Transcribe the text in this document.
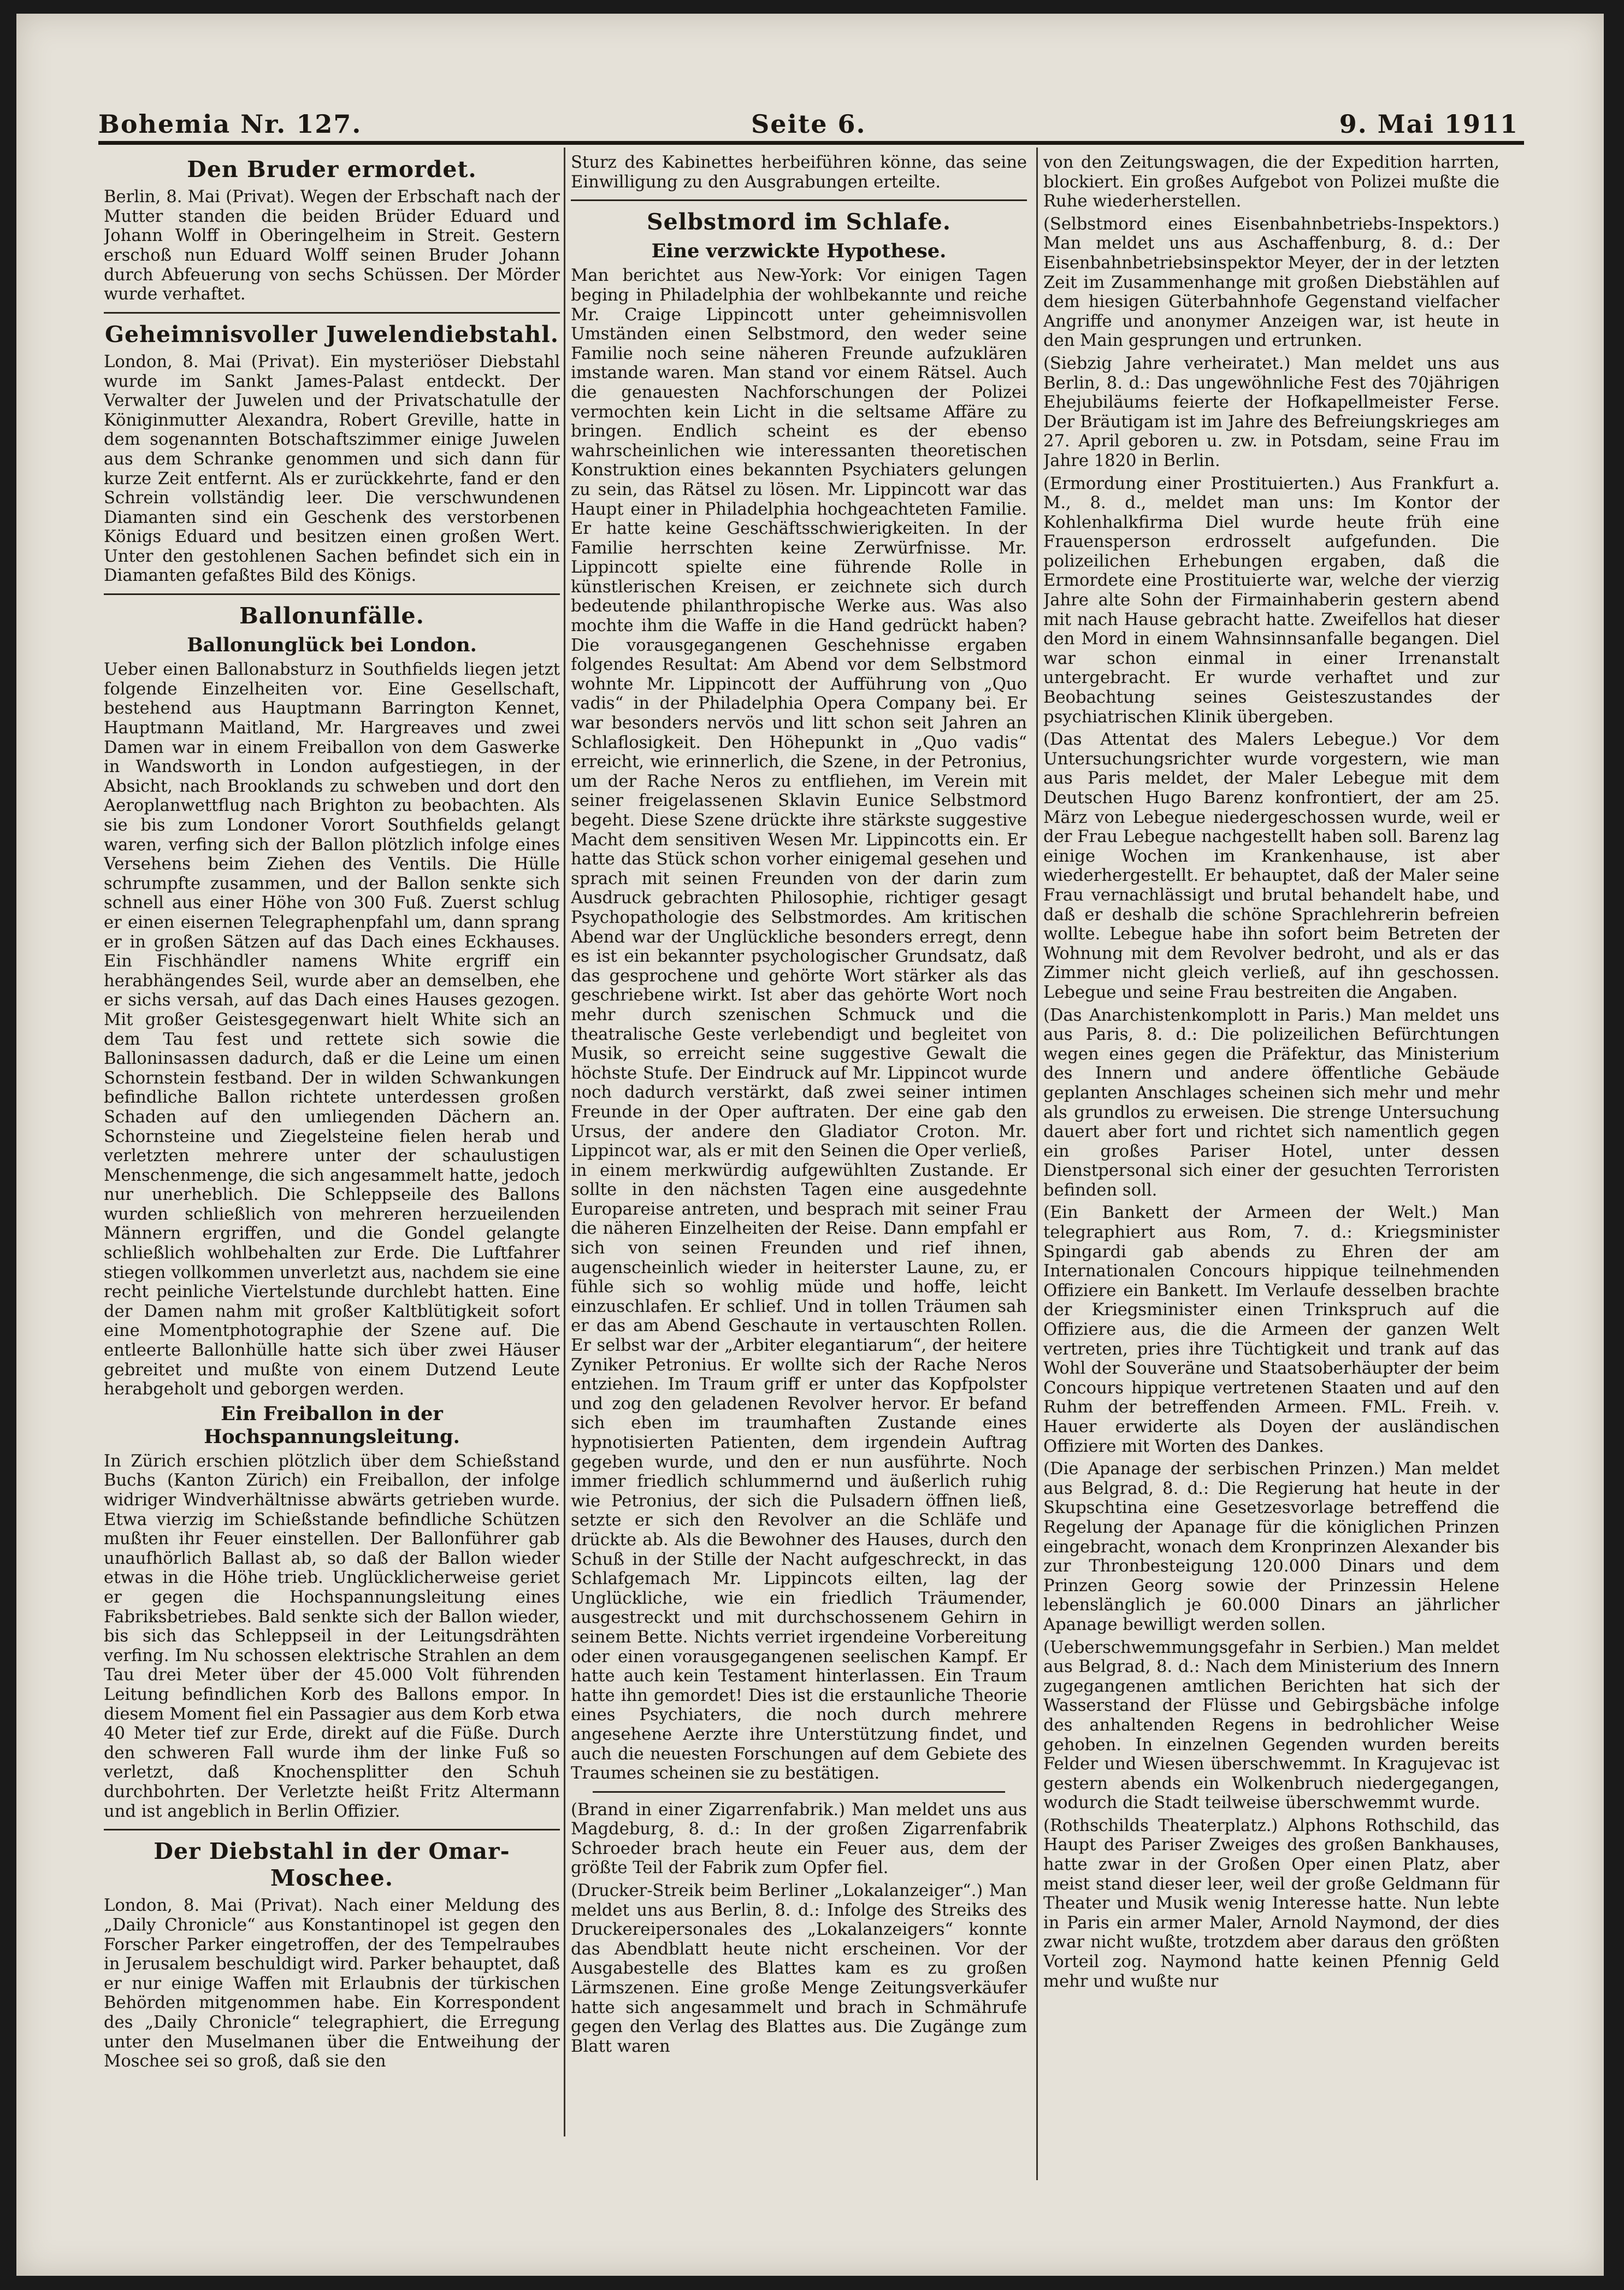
Bohemia Nr. 127.	Seite 6.	9. Mai 1911
Den Bruder ermordet.

Berlin, 8. Mai (Privat). Wegen der Erbschaft nach der Mutter standen die beiden Brüder Eduard und Johann Wolff in Oberingelheim in Streit. Gestern erschoß nun Eduard Wolff seinen Bruder Johann durch Abfeuerung von sechs Schüssen. Der Mörder wurde verhaftet.

Geheimnisvoller Juwelendiebstahl.

London, 8. Mai (Privat). Ein mysteriöser Diebstahl wurde im Sankt James-Palast entdeckt. Der Verwalter der Juwelen und der Privatschatulle der Königinmutter Alexandra, Robert Greville, hatte in dem sogenannten Botschaftszimmer einige Juwelen aus dem Schranke genommen und sich dann für kurze Zeit entfernt. Als er zurückkehrte, fand er den Schrein vollständig leer. Die verschwundenen Diamanten sind ein Geschenk des verstorbenen Königs Eduard und besitzen einen großen Wert. Unter den gestohlenen Sachen befindet sich ein in Diamanten gefaßtes Bild des Königs.

Ballonunfälle.
Ballonunglück bei London.

Ueber einen Ballonabsturz in Southfields liegen jetzt folgende Einzelheiten vor. Eine Gesellschaft, bestehend aus Hauptmann Barrington Kennet, Hauptmann Maitland, Mr. Hargreaves und zwei Damen war in einem Freiballon von dem Gaswerke in Wandsworth in London aufgestiegen, in der Absicht, nach Brooklands zu schweben und dort den Aeroplanwettflug nach Brighton zu beobachten. Als sie bis zum Londoner Vorort Southfields gelangt waren, verfing sich der Ballon plötzlich infolge eines Versehens beim Ziehen des Ventils. Die Hülle schrumpfte zusammen, und der Ballon senkte sich schnell aus einer Höhe von 300 Fuß. Zuerst schlug er einen eisernen Telegraphenpfahl um, dann sprang er in großen Sätzen auf das Dach eines Eckhauses. Ein Fischhändler namens White ergriff ein herabhängendes Seil, wurde aber an demselben, ehe er sichs versah, auf das Dach eines Hauses gezogen. Mit großer Geistesgegenwart hielt White sich an dem Tau fest und rettete sich sowie die Balloninsassen dadurch, daß er die Leine um einen Schornstein festband. Der in wilden Schwankungen befindliche Ballon richtete unterdessen großen Schaden auf den umliegenden Dächern an. Schornsteine und Ziegelsteine fielen herab und verletzten mehrere unter der schaulustigen Menschenmenge, die sich angesammelt hatte, jedoch nur unerheblich. Die Schleppseile des Ballons wurden schließlich von mehreren herzueilenden Männern ergriffen, und die Gondel gelangte schließlich wohlbehalten zur Erde. Die Luftfahrer stiegen vollkommen unverletzt aus, nachdem sie eine recht peinliche Viertelstunde durchlebt hatten. Eine der Damen nahm mit großer Kaltblütigkeit sofort eine Momentphotographie der Szene auf. Die entleerte Ballonhülle hatte sich über zwei Häuser gebreitet und mußte von einem Dutzend Leute herabgeholt und geborgen werden.

Ein Freiballon in der Hochspannungsleitung.

In Zürich erschien plötzlich über dem Schießstand Buchs (Kanton Zürich) ein Freiballon, der infolge widriger Windverhältnisse abwärts getrieben wurde. Etwa vierzig im Schießstande befindliche Schützen mußten ihr Feuer einstellen. Der Ballonführer gab unaufhörlich Ballast ab, so daß der Ballon wieder etwas in die Höhe trieb. Unglücklicherweise geriet er gegen die Hochspannungsleitung eines Fabriksbetriebes. Bald senkte sich der Ballon wieder, bis sich das Schleppseil in der Leitungsdrähten verfing. Im Nu schossen elektrische Strahlen an dem Tau drei Meter über der 45.000 Volt führenden Leitung befindlichen Korb des Ballons empor. In diesem Moment fiel ein Passagier aus dem Korb etwa 40 Meter tief zur Erde, direkt auf die Füße. Durch den schweren Fall wurde ihm der linke Fuß so verletzt, daß Knochensplitter den Schuh durchbohrten. Der Verletzte heißt Fritz Altermann und ist angeblich in Berlin Offizier.

Der Diebstahl in der Omar-Moschee.

London, 8. Mai (Privat). Nach einer Meldung des „Daily Chronicle“ aus Konstantinopel ist gegen den Forscher Parker eingetroffen, der des Tempelraubes in Jerusalem beschuldigt wird. Parker behauptet, daß er nur einige Waffen mit Erlaubnis der türkischen Behörden mitgenommen habe. Ein Korrespondent des „Daily Chronicle“ telegraphiert, die Erregung unter den Muselmanen über die Entweihung der Moschee sei so groß, daß sie den

Sturz des Kabinettes herbeiführen könne, das seine Einwilligung zu den Ausgrabungen erteilte.

Selbstmord im Schlafe.
Eine verzwickte Hypothese.

Man berichtet aus New-York: Vor einigen Tagen beging in Philadelphia der wohlbekannte und reiche Mr. Craige Lippincott unter geheimnisvollen Umständen einen Selbstmord, den weder seine Familie noch seine näheren Freunde aufzuklären imstande waren. Man stand vor einem Rätsel. Auch die genauesten Nachforschungen der Polizei vermochten kein Licht in die seltsame Affäre zu bringen. Endlich scheint es der ebenso wahrscheinlichen wie interessanten theoretischen Konstruktion eines bekannten Psychiaters gelungen zu sein, das Rätsel zu lösen. Mr. Lippincott war das Haupt einer in Philadelphia hochgeachteten Familie. Er hatte keine Geschäftsschwierigkeiten. In der Familie herrschten keine Zerwürfnisse. Mr. Lippincott spielte eine führende Rolle in künstlerischen Kreisen, er zeichnete sich durch bedeutende philanthropische Werke aus. Was also mochte ihm die Waffe in die Hand gedrückt haben? Die vorausgegangenen Geschehnisse ergaben folgendes Resultat: Am Abend vor dem Selbstmord wohnte Mr. Lippincott der Aufführung von „Quo vadis“ in der Philadelphia Opera Company bei. Er war besonders nervös und litt schon seit Jahren an Schlaflosigkeit. Den Höhepunkt in „Quo vadis“ erreicht, wie erinnerlich, die Szene, in der Petronius, um der Rache Neros zu entfliehen, im Verein mit seiner freigelassenen Sklavin Eunice Selbstmord begeht. Diese Szene drückte ihre stärkste suggestive Macht dem sensitiven Wesen Mr. Lippincotts ein. Er hatte das Stück schon vorher einigemal gesehen und sprach mit seinen Freunden von der darin zum Ausdruck gebrachten Philosophie, richtiger gesagt Psychopathologie des Selbstmordes. Am kritischen Abend war der Unglückliche besonders erregt, denn es ist ein bekannter psychologischer Grundsatz, daß das gesprochene und gehörte Wort stärker als das geschriebene wirkt. Ist aber das gehörte Wort noch mehr durch szenischen Schmuck und die theatralische Geste verlebendigt und begleitet von Musik, so erreicht seine suggestive Gewalt die höchste Stufe. Der Eindruck auf Mr. Lippincot wurde noch dadurch verstärkt, daß zwei seiner intimen Freunde in der Oper auftraten. Der eine gab den Ursus, der andere den Gladiator Croton. Mr. Lippincot war, als er mit den Seinen die Oper verließ, in einem merkwürdig aufgewühlten Zustande. Er sollte in den nächsten Tagen eine ausgedehnte Europareise antreten, und besprach mit seiner Frau die näheren Einzelheiten der Reise. Dann empfahl er sich von seinen Freunden und rief ihnen, augenscheinlich wieder in heiterster Laune, zu, er fühle sich so wohlig müde und hoffe, leicht einzuschlafen. Er schlief. Und in tollen Träumen sah er das am Abend Geschaute in vertauschten Rollen. Er selbst war der „Arbiter elegantiarum“, der heitere Zyniker Petronius. Er wollte sich der Rache Neros entziehen. Im Traum griff er unter das Kopfpolster und zog den geladenen Revolver hervor. Er befand sich eben im traumhaften Zustande eines hypnotisierten Patienten, dem irgendein Auftrag gegeben wurde, und den er nun ausführte. Noch immer friedlich schlummernd und äußerlich ruhig wie Petronius, der sich die Pulsadern öffnen ließ, setzte er sich den Revolver an die Schläfe und drückte ab. Als die Bewohner des Hauses, durch den Schuß in der Stille der Nacht aufgeschreckt, in das Schlafgemach Mr. Lippincots eilten, lag der Unglückliche, wie ein friedlich Träumender, ausgestreckt und mit durchschossenem Gehirn in seinem Bette. Nichts verriet irgendeine Vorbereitung oder einen vorausgegangenen seelischen Kampf. Er hatte auch kein Testament hinterlassen. Ein Traum hatte ihn gemordet! Dies ist die erstaunliche Theorie eines Psychiaters, die noch durch mehrere angesehene Aerzte ihre Unterstützung findet, und auch die neuesten Forschungen auf dem Gebiete des Traumes scheinen sie zu bestätigen.

(Brand in einer Zigarrenfabrik.) Man meldet uns aus Magdeburg, 8. d.: In der großen Zigarrenfabrik Schroeder brach heute ein Feuer aus, dem der größte Teil der Fabrik zum Opfer fiel.

(Drucker-Streik beim Berliner „Lokalanzeiger“.) Man meldet uns aus Berlin, 8. d.: Infolge des Streiks des Druckereipersonales des „Lokalanzeigers“ konnte das Abendblatt heute nicht erscheinen. Vor der Ausgabestelle des Blattes kam es zu großen Lärmszenen. Eine große Menge Zeitungsverkäufer hatte sich angesammelt und brach in Schmährufe gegen den Verlag des Blattes aus. Die Zugänge zum Blatt waren

von den Zeitungswagen, die der Expedition harrten, blockiert. Ein großes Aufgebot von Polizei mußte die Ruhe wiederherstellen.

(Selbstmord eines Eisenbahnbetriebs-Inspektors.) Man meldet uns aus Aschaffenburg, 8. d.: Der Eisenbahnbetriebsinspektor Meyer, der in der letzten Zeit im Zusammenhange mit großen Diebstählen auf dem hiesigen Güterbahnhofe Gegenstand vielfacher Angriffe und anonymer Anzeigen war, ist heute in den Main gesprungen und ertrunken.

(Siebzig Jahre verheiratet.) Man meldet uns aus Berlin, 8. d.: Das ungewöhnliche Fest des 70jährigen Ehejubiläums feierte der Hofkapellmeister Ferse. Der Bräutigam ist im Jahre des Befreiungskrieges am 27. April geboren u. zw. in Potsdam, seine Frau im Jahre 1820 in Berlin.

(Ermordung einer Prostituierten.) Aus Frankfurt a. M., 8. d., meldet man uns: Im Kontor der Kohlenhalkfirma Diel wurde heute früh eine Frauensperson erdrosselt aufgefunden. Die polizeilichen Erhebungen ergaben, daß die Ermordete eine Prostituierte war, welche der vierzig Jahre alte Sohn der Firmainhaberin gestern abend mit nach Hause gebracht hatte. Zweifellos hat dieser den Mord in einem Wahnsinnsanfalle begangen. Diel war schon einmal in einer Irrenanstalt untergebracht. Er wurde verhaftet und zur Beobachtung seines Geisteszustandes der psychiatrischen Klinik übergeben.

(Das Attentat des Malers Lebegue.) Vor dem Untersuchungsrichter wurde vorgestern, wie man aus Paris meldet, der Maler Lebegue mit dem Deutschen Hugo Barenz konfrontiert, der am 25. März von Lebegue niedergeschossen wurde, weil er der Frau Lebegue nachgestellt haben soll. Barenz lag einige Wochen im Krankenhause, ist aber wiederhergestellt. Er behauptet, daß der Maler seine Frau vernachlässigt und brutal behandelt habe, und daß er deshalb die schöne Sprachlehrerin befreien wollte. Lebegue habe ihn sofort beim Betreten der Wohnung mit dem Revolver bedroht, und als er das Zimmer nicht gleich verließ, auf ihn geschossen. Lebegue und seine Frau bestreiten die Angaben.

(Das Anarchistenkomplott in Paris.) Man meldet uns aus Paris, 8. d.: Die polizeilichen Befürchtungen wegen eines gegen die Präfektur, das Ministerium des Innern und andere öffentliche Gebäude geplanten Anschlages scheinen sich mehr und mehr als grundlos zu erweisen. Die strenge Untersuchung dauert aber fort und richtet sich namentlich gegen ein großes Pariser Hotel, unter dessen Dienstpersonal sich einer der gesuchten Terroristen befinden soll.

(Ein Bankett der Armeen der Welt.) Man telegraphiert aus Rom, 7. d.: Kriegsminister Spingardi gab abends zu Ehren der am Internationalen Concours hippique teilnehmenden Offiziere ein Bankett. Im Verlaufe desselben brachte der Kriegsminister einen Trinkspruch auf die Offiziere aus, die die Armeen der ganzen Welt vertreten, pries ihre Tüchtigkeit und trank auf das Wohl der Souveräne und Staatsoberhäupter der beim Concours hippique vertretenen Staaten und auf den Ruhm der betreffenden Armeen. FML. Freih. v. Hauer erwiderte als Doyen der ausländischen Offiziere mit Worten des Dankes.

(Die Apanage der serbischen Prinzen.) Man meldet aus Belgrad, 8. d.: Die Regierung hat heute in der Skupschtina eine Gesetzesvorlage betreffend die Regelung der Apanage für die königlichen Prinzen eingebracht, wonach dem Kronprinzen Alexander bis zur Thronbesteigung 120.000 Dinars und dem Prinzen Georg sowie der Prinzessin Helene lebenslänglich je 60.000 Dinars an jährlicher Apanage bewilligt werden sollen.

(Ueberschwemmungsgefahr in Serbien.) Man meldet aus Belgrad, 8. d.: Nach dem Ministerium des Innern zugegangenen amtlichen Berichten hat sich der Wasserstand der Flüsse und Gebirgsbäche infolge des anhaltenden Regens in bedrohlicher Weise gehoben. In einzelnen Gegenden wurden bereits Felder und Wiesen überschwemmt. In Kragujevac ist gestern abends ein Wolkenbruch niedergegangen, wodurch die Stadt teilweise überschwemmt wurde.

(Rothschilds Theaterplatz.) Alphons Rothschild, das Haupt des Pariser Zweiges des großen Bankhauses, hatte zwar in der Großen Oper einen Platz, aber meist stand dieser leer, weil der große Geldmann für Theater und Musik wenig Interesse hatte. Nun lebte in Paris ein armer Maler, Arnold Naymond, der dies zwar nicht wußte, trotzdem aber daraus den größten Vorteil zog. Naymond hatte keinen Pfennig Geld mehr und wußte nur
